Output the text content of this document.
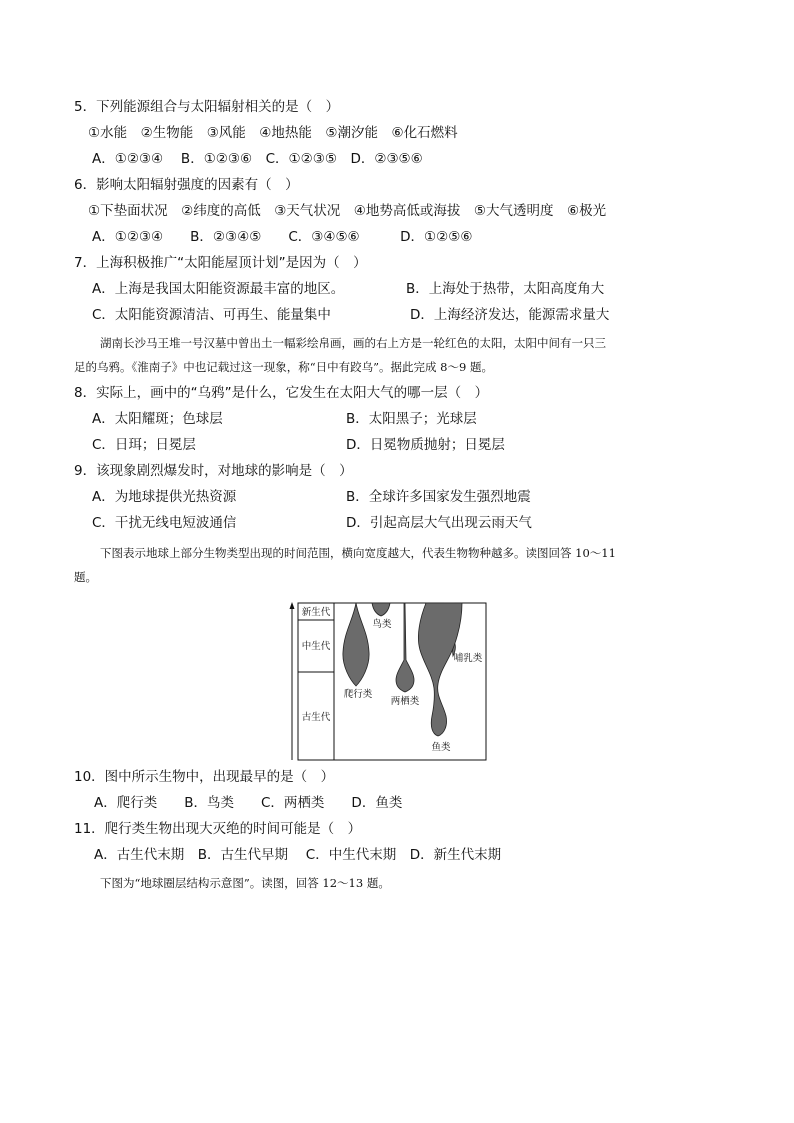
5．下列能源组合与太阳辐射相关的是（　）
①水能　②生物能　③风能　④地热能　⑤潮汐能　⑥化石燃料
A．①②③④　 B．①②③⑥　C．①②③⑤　D．②③⑤⑥
6．影响太阳辐射强度的因素有（　）
①下垫面状况　②纬度的高低　③天气状况　④地势高低或海拔　⑤大气透明度　⑥极光
A．①②③④　　B．②③④⑤　　C．③④⑤⑥　　　D．①②⑤⑥
7．上海积极推广“太阳能屋顶计划”是因为（　）
A．上海是我国太阳能资源最丰富的地区。	B．上海处于热带，太阳高度角大
C．太阳能资源清洁、可再生、能量集中	D．上海经济发达，能源需求量大
湖南长沙马王堆一号汉墓中曾出土一幅彩绘帛画，画的右上方是一轮红色的太阳，太阳中间有一只三
足的乌鸦。《淮南子》中也记载过这一现象，称“日中有跤乌”。据此完成 8～9 题。
8．实际上，画中的“乌鸦”是什么，它发生在太阳大气的哪一层（　）
A．太阳耀斑；色球层	B．太阳黑子；光球层
C．日珥；日冕层	D．日冕物质抛射；日冕层
9．该现象剧烈爆发时，对地球的影响是（　）
A．为地球提供光热资源	B．全球许多国家发生强烈地震
C．干扰无线电短波通信	D．引起高层大气出现云雨天气
下图表示地球上部分生物类型出现的时间范围，横向宽度越大，代表生物物种越多。读图回答 10～11
题。
新生代
中生代
古生代
鸟类
哺乳类
爬行类
两栖类
鱼类
10．图中所示生物中，出现最早的是（　）
A．爬行类　　B．鸟类　　C．两栖类　　D．鱼类
11．爬行类生物出现大灭绝的时间可能是（　）
A．古生代末期　B．古生代早期　 C．中生代末期　D．新生代末期
下图为“地球圈层结构示意图”。读图，回答 12～13 题。
